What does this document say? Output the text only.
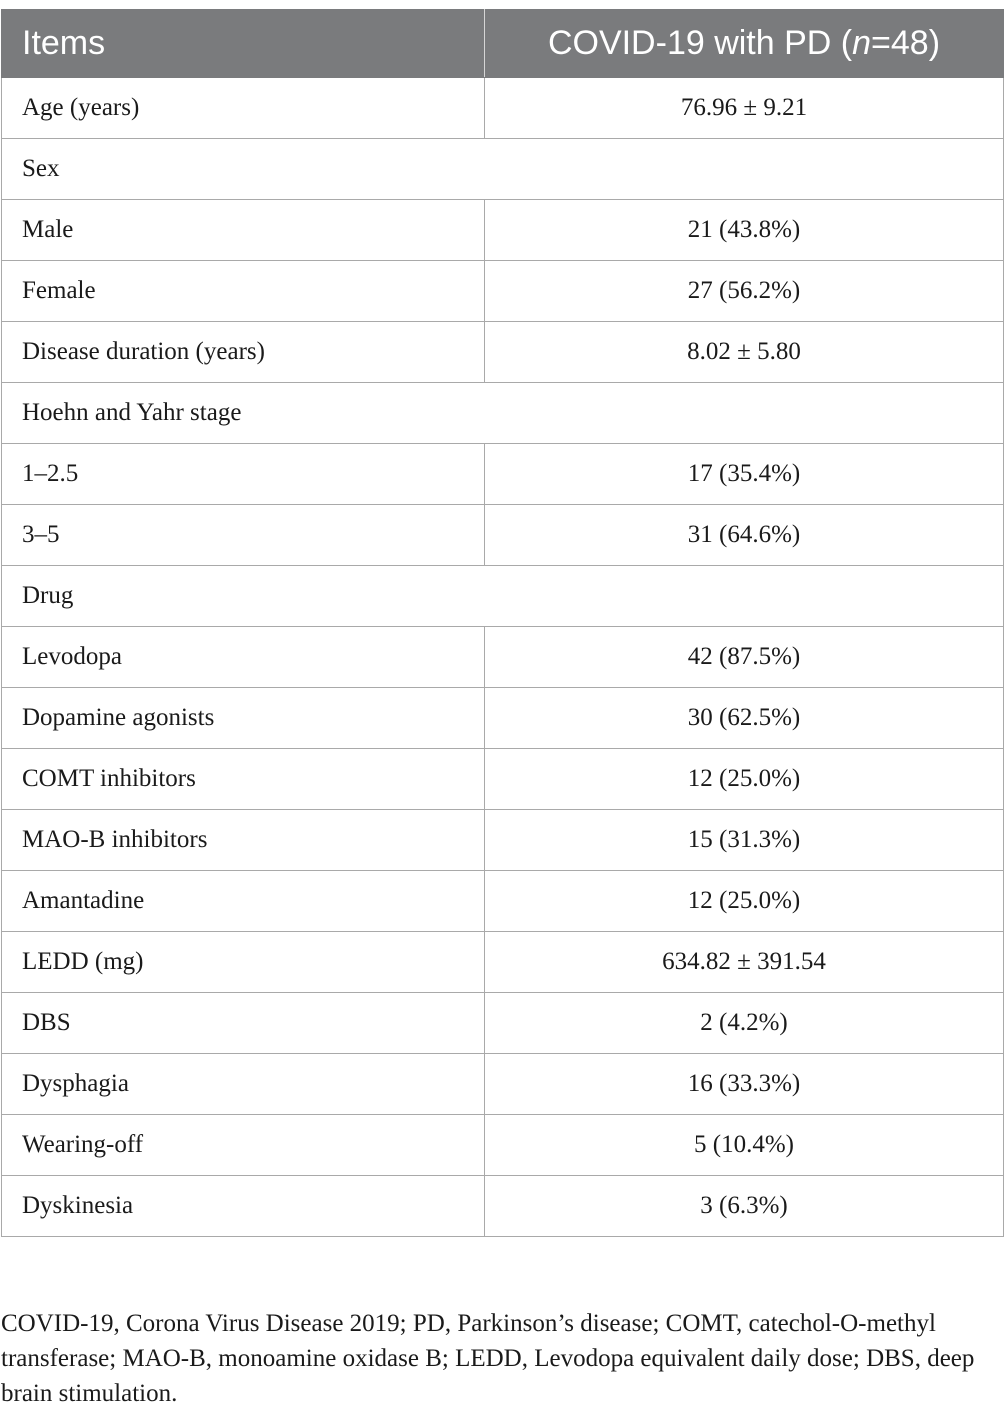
Items	COVID-19 with PD (n=48)
Age (years)	76.96 ± 9.21
Sex	
Male	21 (43.8%)
Female	27 (56.2%)
Disease duration (years)	8.02 ± 5.80
Hoehn and Yahr stage	
1–2.5	17 (35.4%)
3–5	31 (64.6%)
Drug	
Levodopa	42 (87.5%)
Dopamine agonists	30 (62.5%)
COMT inhibitors	12 (25.0%)
MAO-B inhibitors	15 (31.3%)
Amantadine	12 (25.0%)
LEDD (mg)	634.82 ± 391.54
DBS	2 (4.2%)
Dysphagia	16 (33.3%)
Wearing-off	5 (10.4%)
Dyskinesia	3 (6.3%)

COVID-19, Corona Virus Disease 2019; PD, Parkinson’s disease; COMT, catechol-O-methyl transferase; MAO-B, monoamine oxidase B; LEDD, Levodopa equivalent daily dose; DBS, deep brain stimulation.
